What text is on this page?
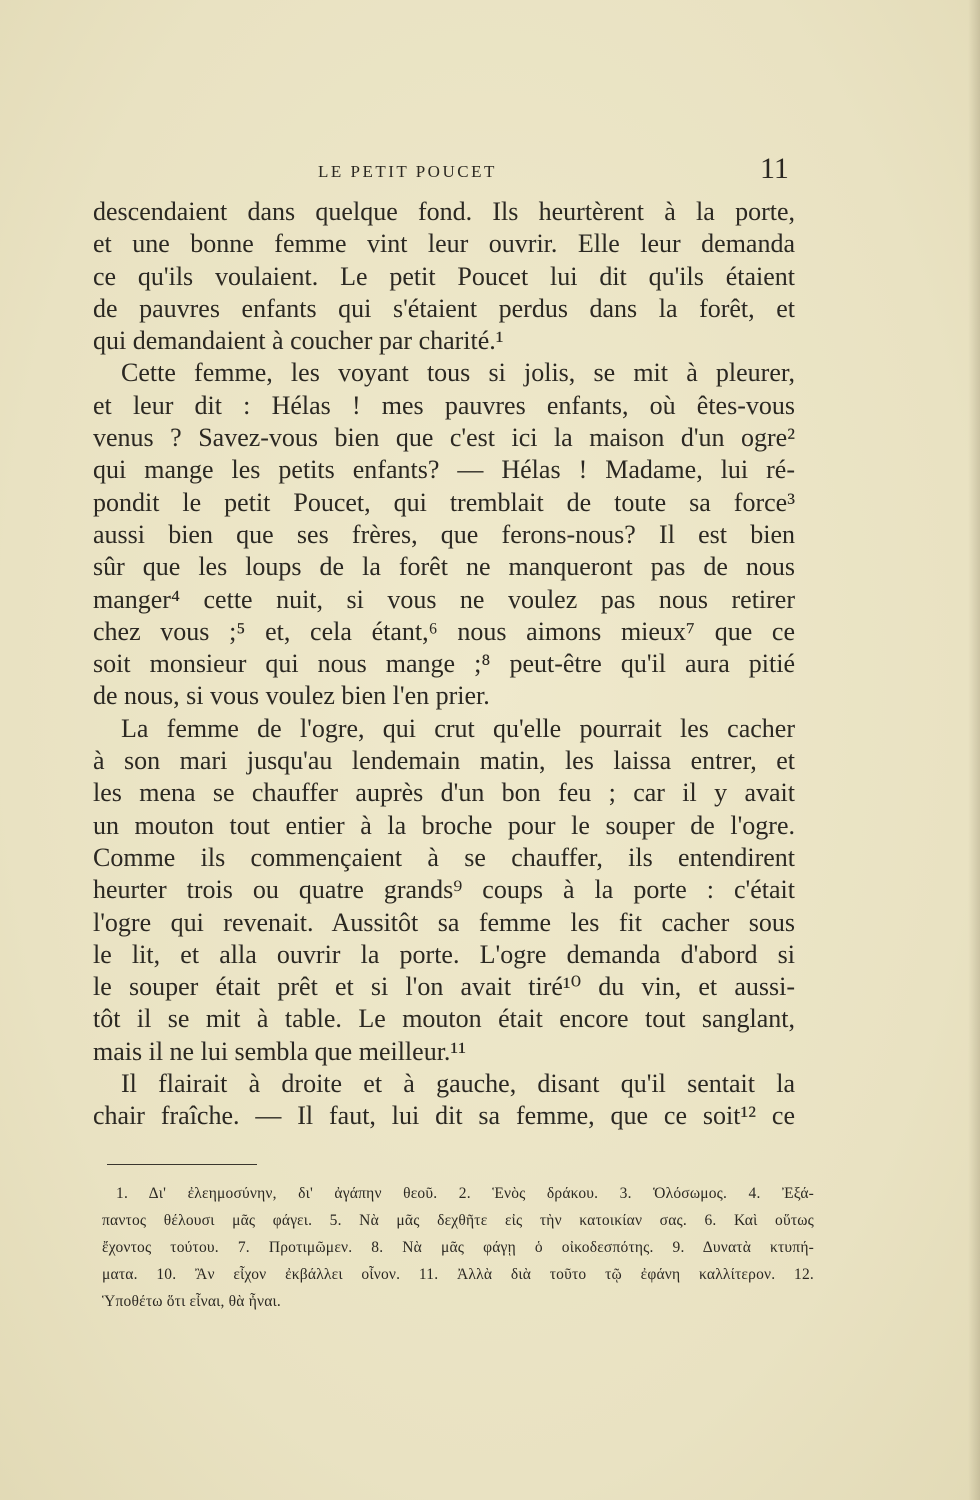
LE PETIT POUCET	11
descendaient dans quelque fond. Ils heurtèrent à la porte,
et une bonne femme vint leur ouvrir. Elle leur demanda
ce qu'ils voulaient. Le petit Poucet lui dit qu'ils étaient
de pauvres enfants qui s'étaient perdus dans la forêt, et
qui demandaient à coucher par charité.¹
Cette femme, les voyant tous si jolis, se mit à pleurer,
et leur dit : Hélas ! mes pauvres enfants, où êtes-vous
venus ? Savez-vous bien que c'est ici la maison d'un ogre²
qui mange les petits enfants? — Hélas ! Madame, lui ré-
pondit le petit Poucet, qui tremblait de toute sa force³
aussi bien que ses frères, que ferons-nous? Il est bien
sûr que les loups de la forêt ne manqueront pas de nous
manger⁴ cette nuit, si vous ne voulez pas nous retirer
chez vous ;⁵ et, cela étant,⁶ nous aimons mieux⁷ que ce
soit monsieur qui nous mange ;⁸ peut-être qu'il aura pitié
de nous, si vous voulez bien l'en prier.
La femme de l'ogre, qui crut qu'elle pourrait les cacher
à son mari jusqu'au lendemain matin, les laissa entrer, et
les mena se chauffer auprès d'un bon feu ; car il y avait
un mouton tout entier à la broche pour le souper de l'ogre.
Comme ils commençaient à se chauffer, ils entendirent
heurter trois ou quatre grands⁹ coups à la porte : c'était
l'ogre qui revenait. Aussitôt sa femme les fit cacher sous
le lit, et alla ouvrir la porte. L'ogre demanda d'abord si
le souper était prêt et si l'on avait tiré¹⁰ du vin, et aussi-
tôt il se mit à table. Le mouton était encore tout sanglant,
mais il ne lui sembla que meilleur.¹¹
Il flairait à droite et à gauche, disant qu'il sentait la
chair fraîche. — Il faut, lui dit sa femme, que ce soit¹² ce
1. Δι' ἐλεημοσύνην, δι' ἀγάπην θεοῦ. 2. Ἑνὸς δράκου. 3. Ὁλόσωμος. 4. Ἐξά-
παντος θέλουσι μᾶς φάγει. 5. Νὰ μᾶς δεχθῆτε εἰς τὴν κατοικίαν σας. 6. Καὶ οὕτως
ἔχοντος τούτου. 7. Προτιμῶμεν. 8. Νὰ μᾶς φάγῃ ὁ οἰκοδεσπότης. 9. Δυνατὰ κτυπή-
ματα. 10. Ἂν εἶχον ἐκβάλλει οἶνον. 11. Ἀλλὰ διὰ τοῦτο τῷ ἐφάνη καλλίτερον. 12.
Ὑποθέτω ὅτι εἶναι, θὰ ἦναι.
